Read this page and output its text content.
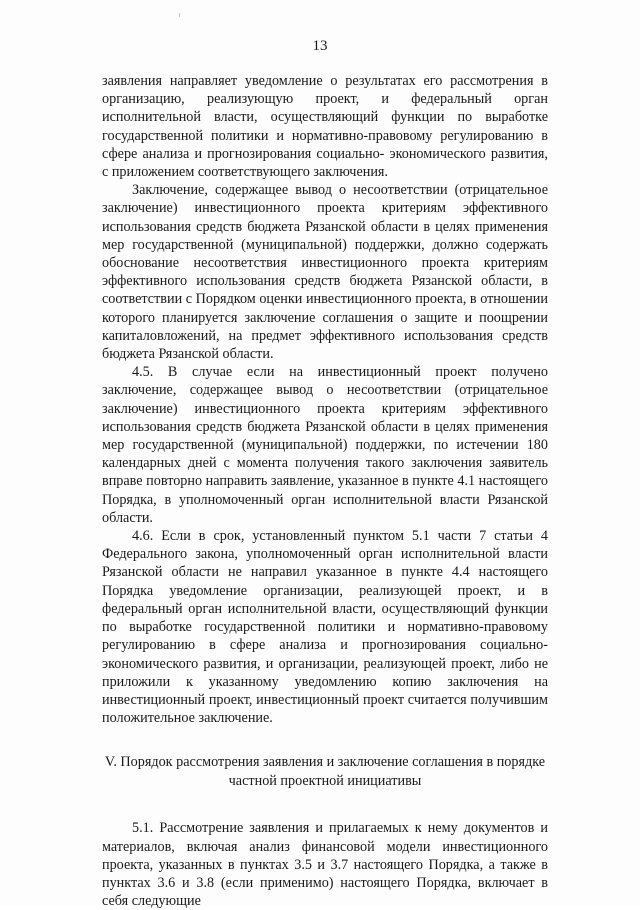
13

заявления направляет уведомление о результатах его рассмотрения в организацию, реализующую проект, и федеральный орган исполнительной власти, осуществляющий функции по выработке государственной политики и нормативно-правовому регулированию в сфере анализа и прогнозирования социально- экономического развития, с приложением соответствующего заключения.

Заключение, содержащее вывод о несоответствии (отрицательное заключение) инвестиционного проекта критериям эффективного использования средств бюджета Рязанской области в целях применения мер государственной (муниципальной) поддержки, должно содержать обоснование несоответствия инвестиционного проекта критериям эффективного использования средств бюджета Рязанской области, в соответствии с Порядком оценки инвестиционного проекта, в отношении которого планируется заключение соглашения о защите и поощрении капиталовложений, на предмет эффективного использования средств бюджета Рязанской области.

4.5. В случае если на инвестиционный проект получено заключение, содержащее вывод о несоответствии (отрицательное заключение) инвестиционного проекта критериям эффективного использования средств бюджета Рязанской области в целях применения мер государственной (муниципальной) поддержки, по истечении 180 календарных дней с момента получения такого заключения заявитель вправе повторно направить заявление, указанное в пункте 4.1 настоящего Порядка, в уполномоченный орган исполнительной власти Рязанской области.

4.6. Если в срок, установленный пунктом 5.1 части 7 статьи 4 Федерального закона, уполномоченный орган исполнительной власти Рязанской области не направил указанное в пункте 4.4 настоящего Порядка уведомление организации, реализующей проект, и в федеральный орган исполнительной власти, осуществляющий функции по выработке государственной политики и нормативно-правовому регулированию в сфере анализа и прогнозирования социально-экономического развития, и организации, реализующей проект, либо не приложили к указанному уведомлению копию заключения на инвестиционный проект, инвестиционный проект считается получившим положительное заключение.

V. Порядок рассмотрения заявления и заключение соглашения в порядке
частной проектной инициативы

5.1. Рассмотрение заявления и прилагаемых к нему документов и материалов, включая анализ финансовой модели инвестиционного проекта, указанных в пунктах 3.5 и 3.7 настоящего Порядка, а также в пунктах 3.6 и 3.8 (если применимо) настоящего Порядка, включает в себя следующие
